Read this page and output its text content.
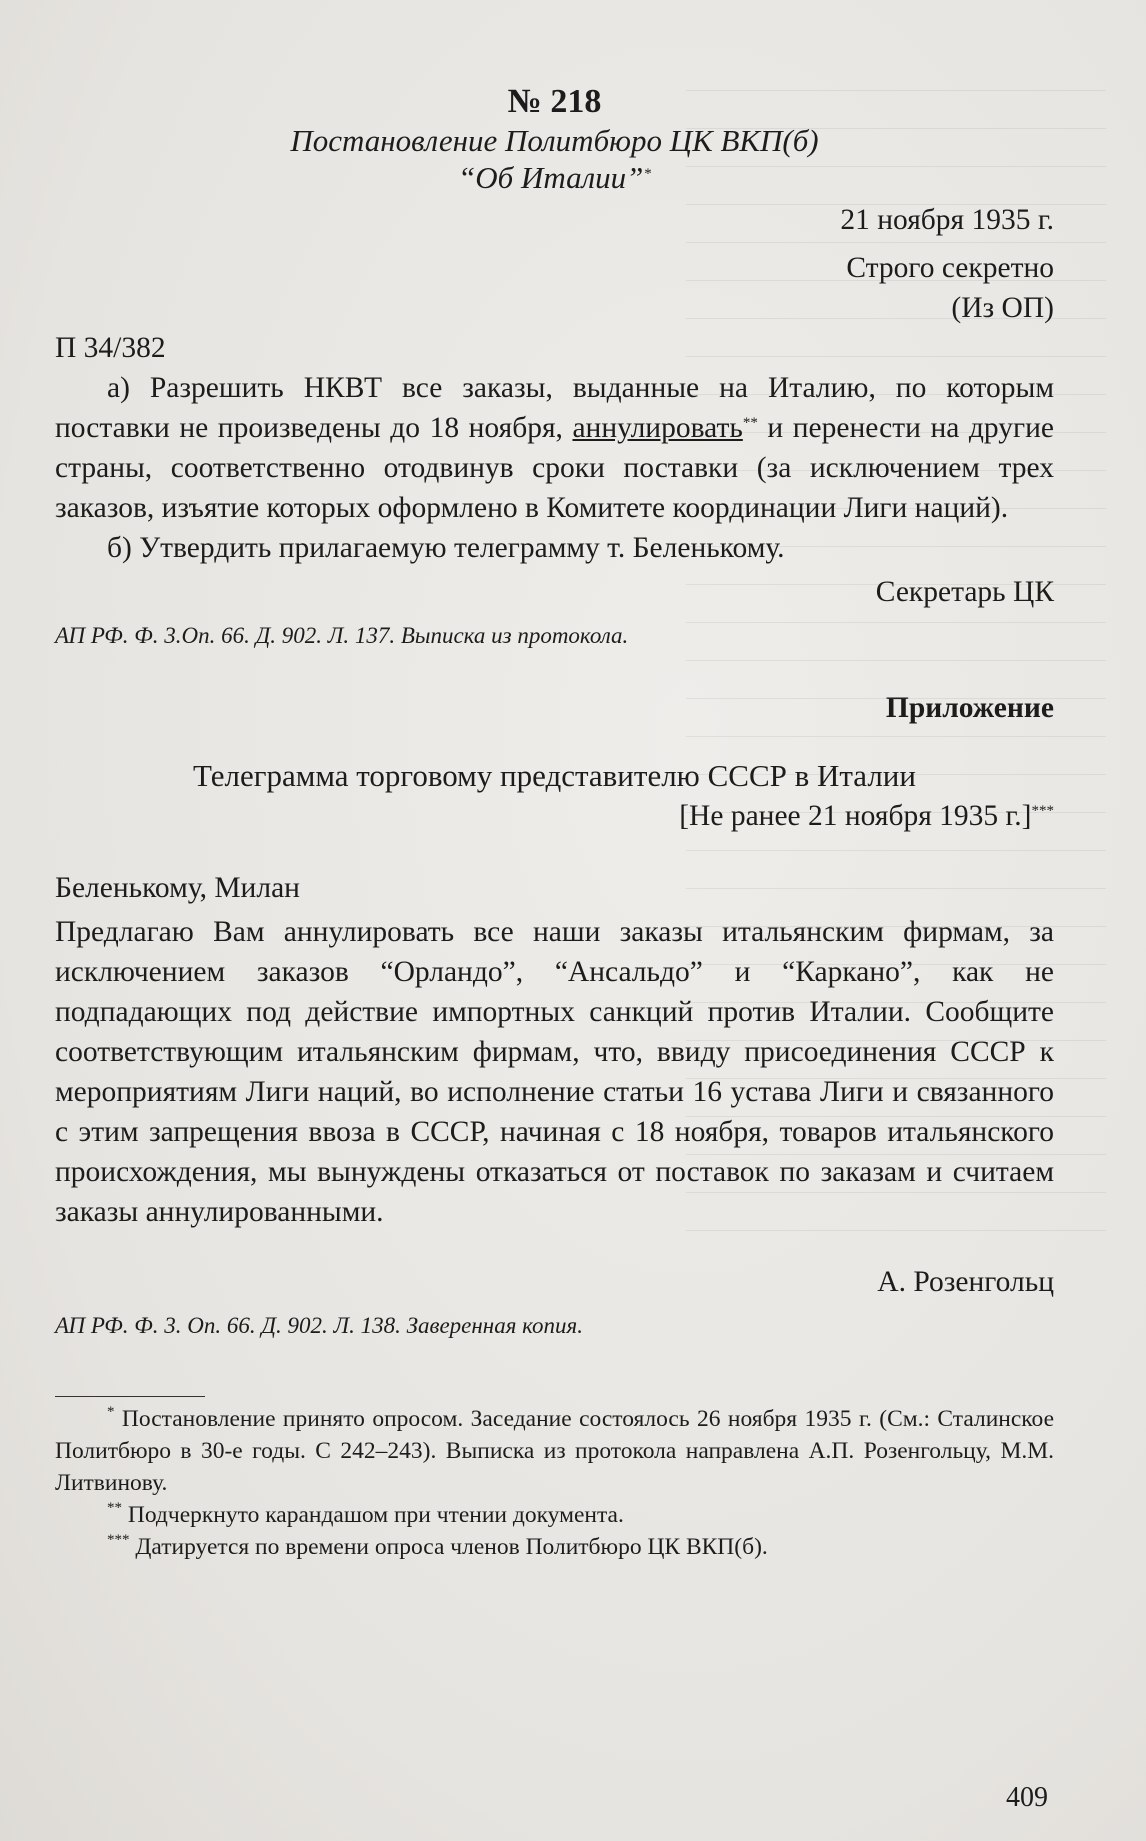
№ 218
Постановление Политбюро ЦК ВКП(б)
“Об Италии”*
21 ноября 1935 г.
Строго секретно
(Из ОП)
П 34/382

а) Разрешить НКВТ все заказы, выданные на Италию, по которым поставки не произведены до 18 ноября, аннулировать** и перенести на другие страны, соответственно отодвинув сроки поставки (за исключением трех заказов, изъятие которых оформлено в Комитете координации Лиги наций).

б) Утвердить прилагаемую телеграмму т. Беленькому.

Секретарь ЦК
АП РФ. Ф. 3.Оп. 66. Д. 902. Л. 137. Выписка из протокола.
Приложение
Телеграмма торговому представителю СССР в Италии
[Не ранее 21 ноября 1935 г.]***
Беленькому, Милан

Предлагаю Вам аннулировать все наши заказы итальянским фирмам, за исключением заказов “Орландо”, “Ансальдо” и “Каркано”, как не подпадающих под действие импортных санкций против Италии. Сообщите соответствующим итальянским фирмам, что, ввиду присоединения СССР к мероприятиям Лиги наций, во исполнение статьи 16 устава Лиги и связанного с этим запрещения ввоза в СССР, начиная с 18 ноября, товаров итальянского происхождения, мы вынуждены отказаться от поставок по заказам и считаем заказы аннулированными.

А. Розенгольц
АП РФ. Ф. 3. Оп. 66. Д. 902. Л. 138. Заверенная копия.

* Постановление принято опросом. Заседание состоялось 26 ноября 1935 г. (См.: Сталинское Политбюро в 30-е годы. С 242–243). Выписка из протокола направлена А.П. Розенгольцу, М.М. Литвинову.

** Подчеркнуто карандашом при чтении документа.

*** Датируется по времени опроса членов Политбюро ЦК ВКП(б).

409
